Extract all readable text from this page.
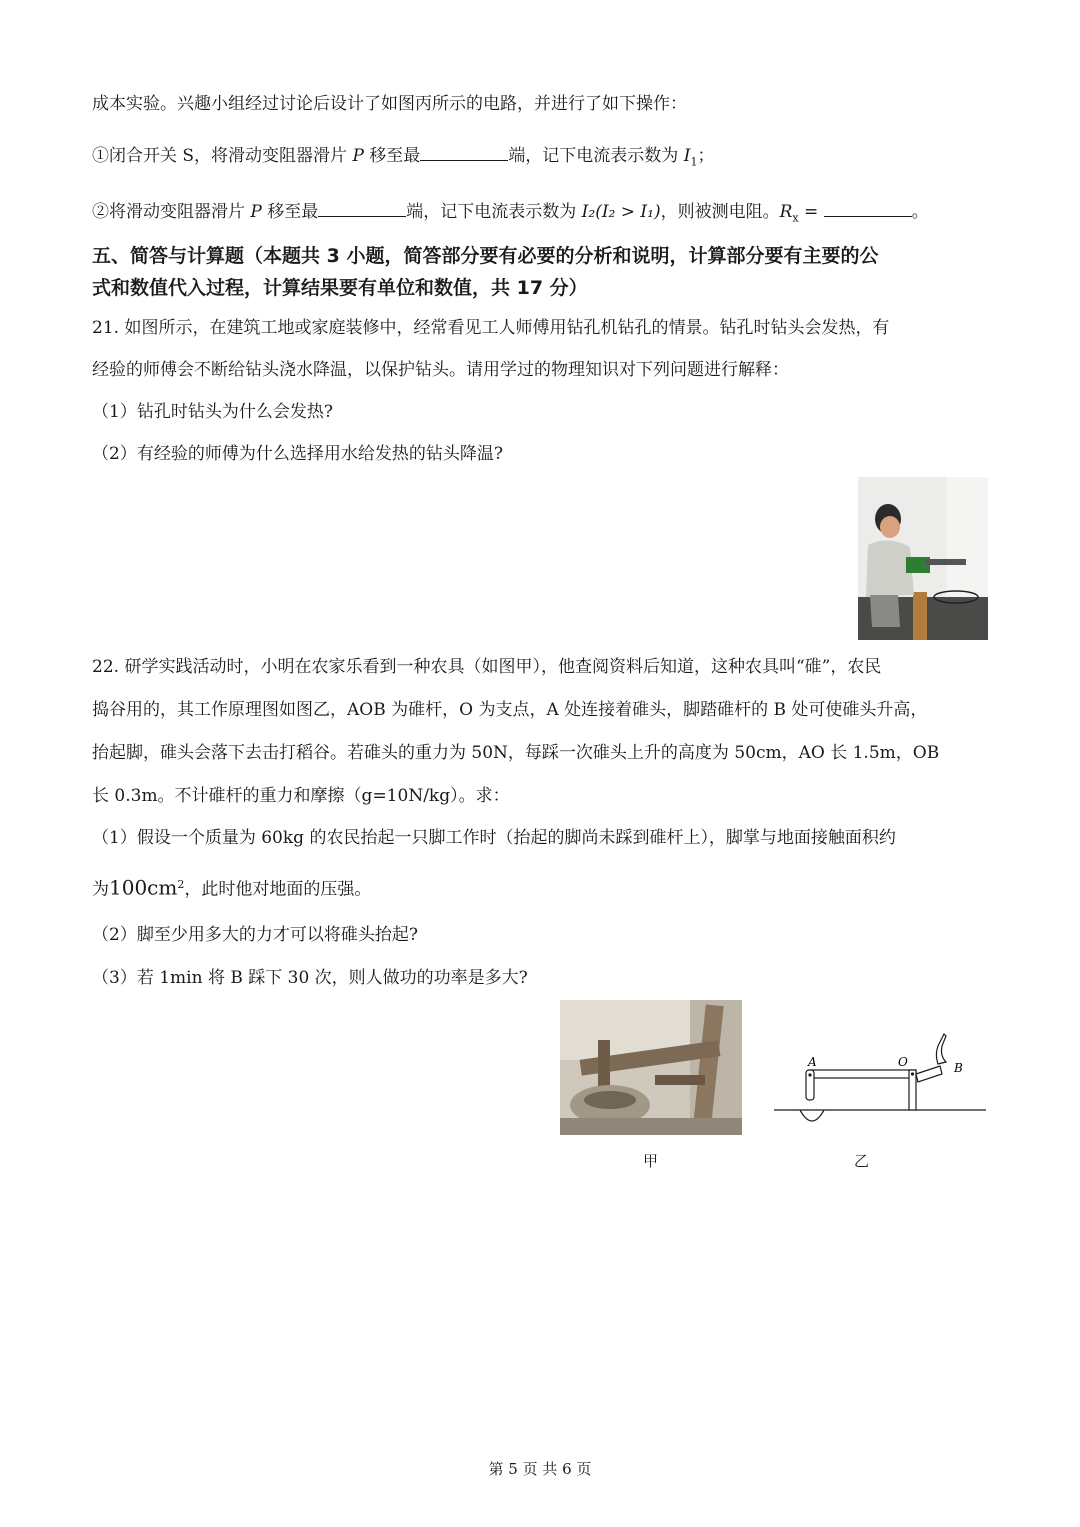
成本实验。兴趣小组经过讨论后设计了如图丙所示的电路，并进行了如下操作：
①闭合开关 S，将滑动变阻器滑片 P 移至最	端，记下电流表示数为 $I_1$；
②将滑动变阻器滑片 P 移至最	端，记下电流表示数为 I₂(I₂ > I₁)，则被测电阻。$R_x$ =	。
五、简答与计算题（本题共 3 小题，简答部分要有必要的分析和说明，计算部分要有主要的公
式和数值代入过程，计算结果要有单位和数值，共 17 分）
21. 如图所示，在建筑工地或家庭装修中，经常看见工人师傅用钻孔机钻孔的情景。钻孔时钻头会发热，有
经验的师傅会不断给钻头浇水降温，以保护钻头。请用学过的物理知识对下列问题进行解释：
（1）钻孔时钻头为什么会发热?
（2）有经验的师傅为什么选择用水给发热的钻头降温?
22. 研学实践活动时，小明在农家乐看到一种农具（如图甲），他查阅资料后知道，这种农具叫“碓”，农民
捣谷用的，其工作原理图如图乙，AOB 为碓杆，O 为支点，A 处连接着碓头，脚踏碓杆的 B 处可使碓头升高，
抬起脚，碓头会落下去击打稻谷。若碓头的重力为 50N，每踩一次碓头上升的高度为 50cm，AO 长 1.5m，OB
长 0.3m。不计碓杆的重力和摩擦（g=10N/kg）。求：
（1）假设一个质量为 60kg 的农民抬起一只脚工作时（抬起的脚尚未踩到碓杆上），脚掌与地面接触面积约
为$100cm^2$，此时他对地面的压强。
（2）脚至少用多大的力才可以将碓头抬起?
（3）若 1min 将 B 踩下 30 次，则人做功的功率是多大?
A	O	B
甲	乙
第 5 页 共 6 页
